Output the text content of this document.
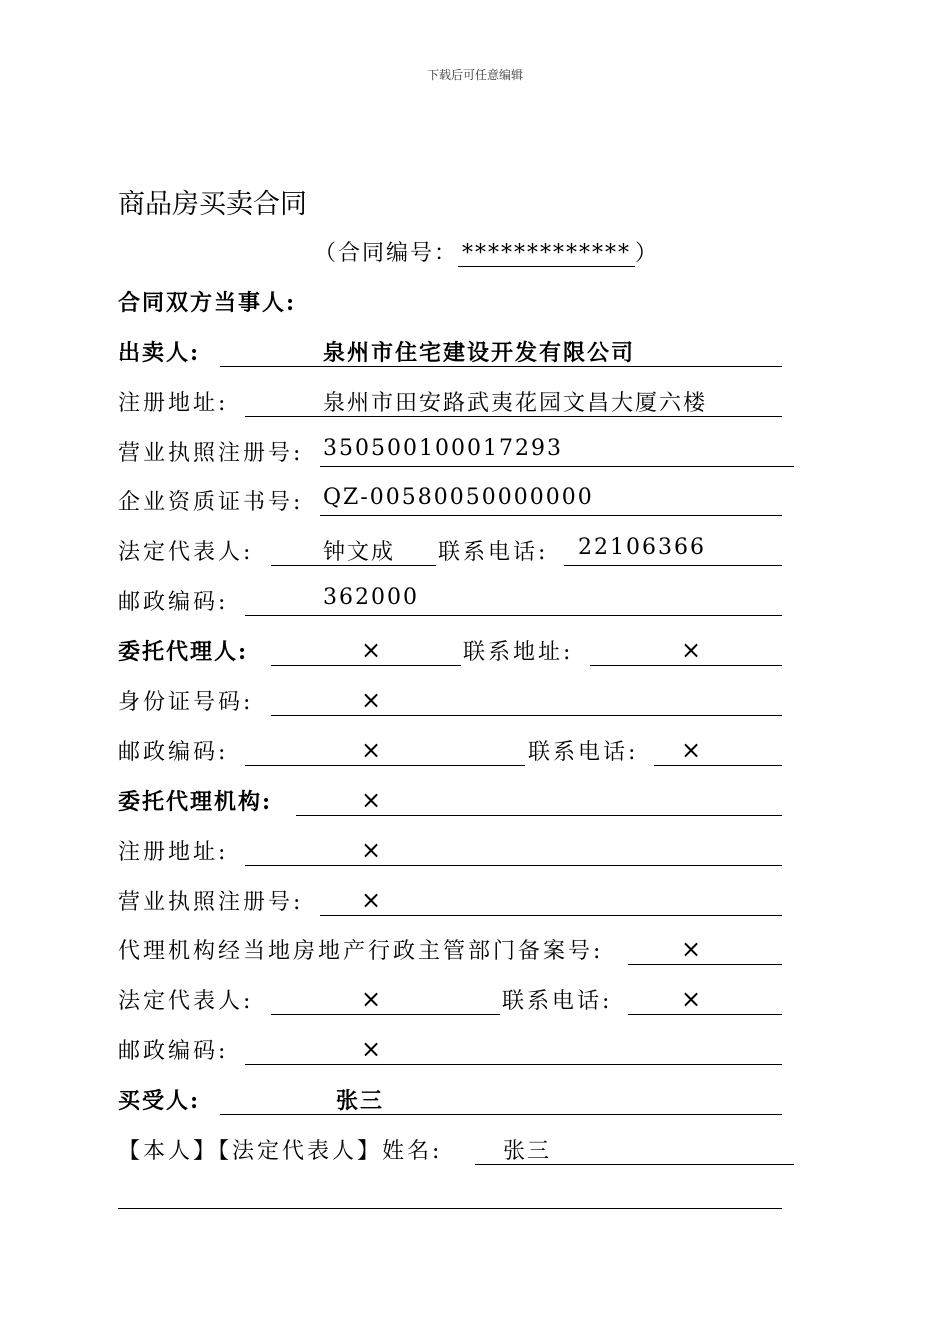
下载后可任意编辑
商品房买卖合同
（合同编号： ************* ）
合同双方当事人:
出卖人:	泉州市住宅建设开发有限公司
注册地址:	泉州市田安路武夷花园文昌大厦六楼
营业执照注册号: 350500100017293
企业资质证书号: QZ-00580050000000
法定代表人:	钟文成 联系电话: 22106366
邮政编码:	362000
委托代理人:	×	联系地址:	×
身份证号码:	×
邮政编码:	×	联系电话: ×
委托代理机构:	×
注册地址:	×
营业执照注册号: ×
代理机构经当地房地产行政主管部门备案号:	×
法定代表人:	×	联系电话:	×
邮政编码:	×
买受人:	张三
【本人】【法定代表人】姓名:	张三
